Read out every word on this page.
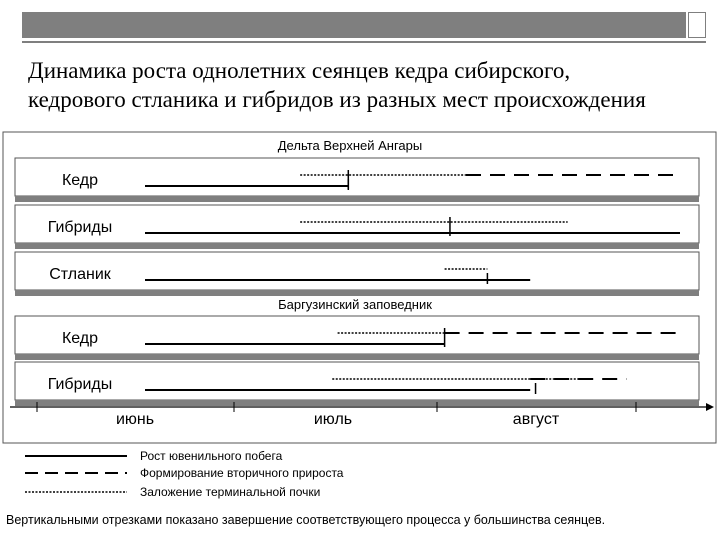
26
Динамика роста однолетних сеянцев кедра сибирского,
кедрового стланика и гибридов из разных мест происхождения
Дельта Верхней Ангары
Баргузинский заповедник
Кедр
Гибриды
Стланик
Кедр
Гибриды
июнь	июль	август
Рост ювенильного побега
Формирование вторичного прироста
Заложение терминальной почки
Вертикальными отрезками показано завершение соответствующего процесса у большинства сеянцев.
